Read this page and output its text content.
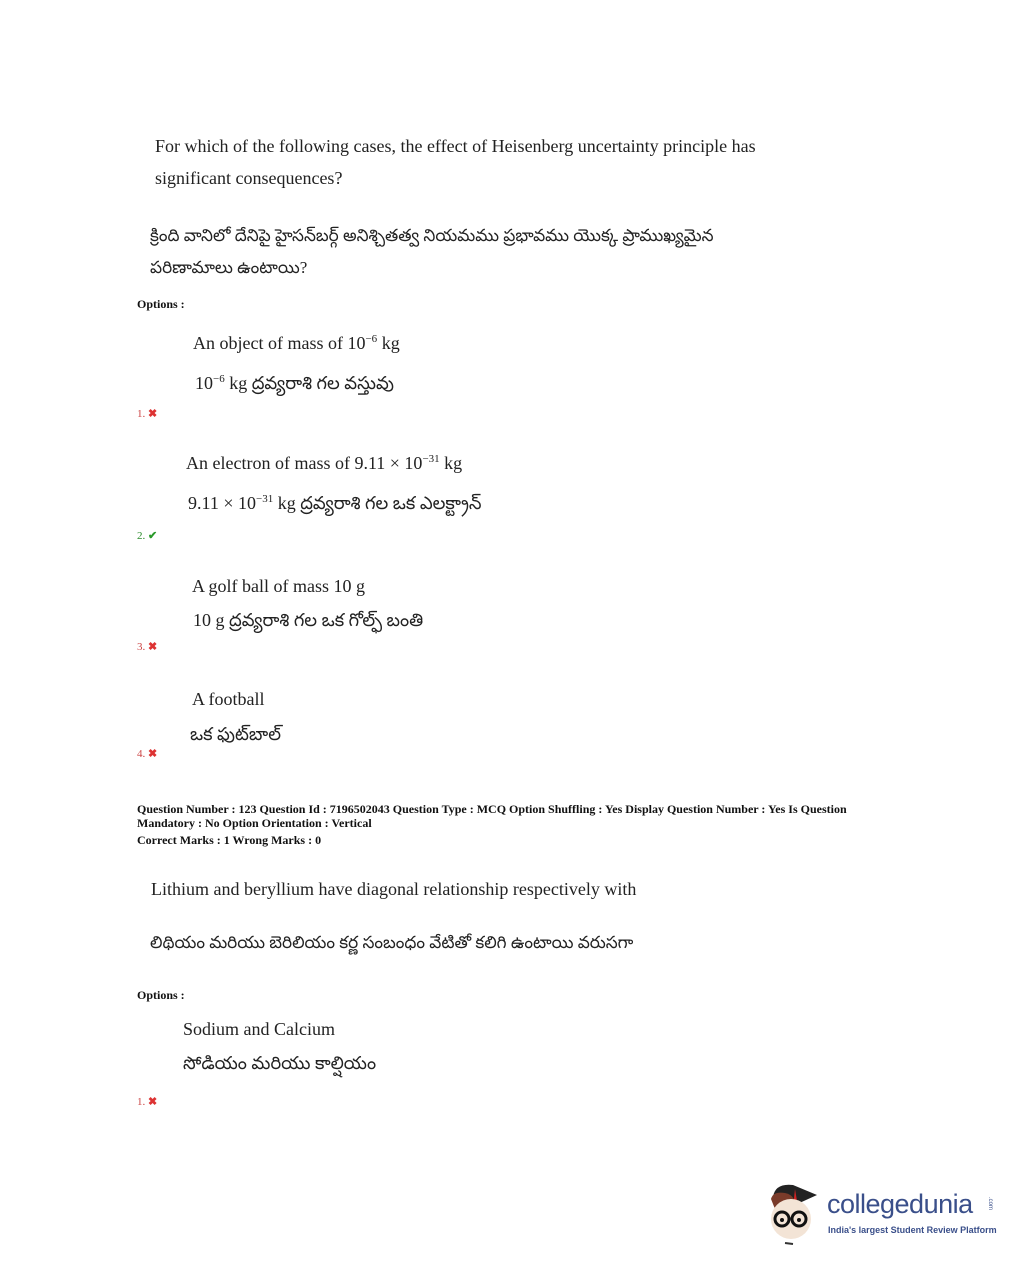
For which of the following cases, the effect of Heisenberg uncertainty principle has
significant consequences?
క్రింది వానిలో దేనిపై హైసన్‌బర్గ్ అనిశ్చితత్వ నియమము ప్రభావము యొక్క ప్రాముఖ్యమైన
పరిణామాలు ఉంటాయి?
Options :
An object of mass of $10^{-6}$ kg
$10^{-6}$ kg ద్రవ్యరాశి గల వస్తువు
1. ✖
An electron of mass of $9.11 \times 10^{-31}$ kg
$9.11 \times 10^{-31}$ kg ద్రవ్యరాశి గల ఒక ఎలక్ట్రాన్
2. ✔
A golf ball of mass 10 g
10 g ద్రవ్యరాశి గల ఒక గోల్ఫ్ బంతి
3. ✖
A football
ఒక ఫుట్‌బాల్
4. ✖
Question Number : 123 Question Id : 7196502043 Question Type : MCQ Option Shuffling : Yes Display Question Number : Yes Is Question
Mandatory : No Option Orientation : Vertical
Correct Marks : 1 Wrong Marks : 0
Lithium and beryllium have diagonal relationship respectively with
లిథియం మరియు బెరిలియం కర్ణ సంబంధం వేటితో కలిగి ఉంటాయి వరుసగా
Options :
Sodium and Calcium
సోడియం మరియు కాల్షియం
1. ✖
collegedunia .com
India's largest Student Review Platform
